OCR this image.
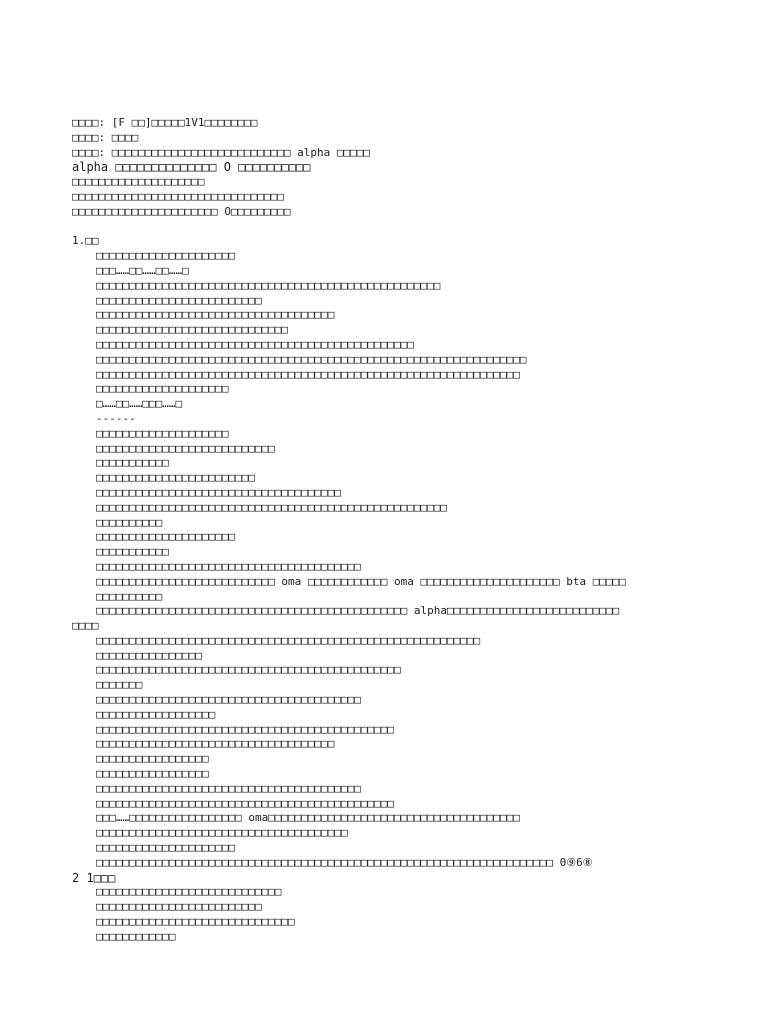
□□□□: [F □□]□□□□□1V1□□□□□□□□
□□□□: □□□□
□□□□: □□□□□□□□□□□□□□□□□□□□□□□□□□□ alpha □□□□□
alpha □□□□□□□□□□□□□□ O □□□□□□□□□□
□□□□□□□□□□□□□□□□□□□□
□□□□□□□□□□□□□□□□□□□□□□□□□□□□□□□□
□□□□□□□□□□□□□□□□□□□□□□ O□□□□□□□□□
1.□□
□□□□□□□□□□□□□□□□□□□□□
□□□……□□……□□……□
□□□□□□□□□□□□□□□□□□□□□□□□□□□□□□□□□□□□□□□□□□□□□□□□□□□□
□□□□□□□□□□□□□□□□□□□□□□□□□
□□□□□□□□□□□□□□□□□□□□□□□□□□□□□□□□□□□□
□□□□□□□□□□□□□□□□□□□□□□□□□□□□□
□□□□□□□□□□□□□□□□□□□□□□□□□□□□□□□□□□□□□□□□□□□□□□□□
□□□□□□□□□□□□□□□□□□□□□□□□□□□□□□□□□□□□□□□□□□□□□□□□□□□□□□□□□□□□□□□□□
□□□□□□□□□□□□□□□□□□□□□□□□□□□□□□□□□□□□□□□□□□□□□□□□□□□□□□□□□□□□□□□□
□□□□□□□□□□□□□□□□□□□□
□……□□……□□□……□
------
□□□□□□□□□□□□□□□□□□□□
□□□□□□□□□□□□□□□□□□□□□□□□□□□
□□□□□□□□□□□
□□□□□□□□□□□□□□□□□□□□□□□□
□□□□□□□□□□□□□□□□□□□□□□□□□□□□□□□□□□□□□
□□□□□□□□□□□□□□□□□□□□□□□□□□□□□□□□□□□□□□□□□□□□□□□□□□□□□
□□□□□□□□□□
□□□□□□□□□□□□□□□□□□□□□
□□□□□□□□□□□
□□□□□□□□□□□□□□□□□□□□□□□□□□□□□□□□□□□□□□□□
□□□□□□□□□□□□□□□□□□□□□□□□□□□ oma □□□□□□□□□□□□ oma □□□□□□□□□□□□□□□□□□□□□ bta □□□□□
□□□□□□□□□□
□□□□□□□□□□□□□□□□□□□□□□□□□□□□□□□□□□□□□□□□□□□□□□□ alpha□□□□□□□□□□□□□□□□□□□□□□□□□□
□□□□
□□□□□□□□□□□□□□□□□□□□□□□□□□□□□□□□□□□□□□□□□□□□□□□□□□□□□□□□□□
□□□□□□□□□□□□□□□□
□□□□□□□□□□□□□□□□□□□□□□□□□□□□□□□□□□□□□□□□□□□□□□
□□□□□□□
□□□□□□□□□□□□□□□□□□□□□□□□□□□□□□□□□□□□□□□□
□□□□□□□□□□□□□□□□□□
□□□□□□□□□□□□□□□□□□□□□□□□□□□□□□□□□□□□□□□□□□□□□
□□□□□□□□□□□□□□□□□□□□□□□□□□□□□□□□□□□□
□□□□□□□□□□□□□□□□□
□□□□□□□□□□□□□□□□□
□□□□□□□□□□□□□□□□□□□□□□□□□□□□□□□□□□□□□□□□
□□□□□□□□□□□□□□□□□□□□□□□□□□□□□□□□□□□□□□□□□□□□□
□□□……□□□□□□□□□□□□□□□□□ oma□□□□□□□□□□□□□□□□□□□□□□□□□□□□□□□□□□□□□□
□□□□□□□□□□□□□□□□□□□□□□□□□□□□□□□□□□□□□□
□□□□□□□□□□□□□□□□□□□□□
□□□□□□□□□□□□□□□□□□□□□□□□□□□□□□□□□□□□□□□□□□□□□□□□□□□□□□□□□□□□□□□□□□□□□ 0⑨6⑧
2 1□□□
□□□□□□□□□□□□□□□□□□□□□□□□□□□□
□□□□□□□□□□□□□□□□□□□□□□□□□
□□□□□□□□□□□□□□□□□□□□□□□□□□□□□□
□□□□□□□□□□□□
